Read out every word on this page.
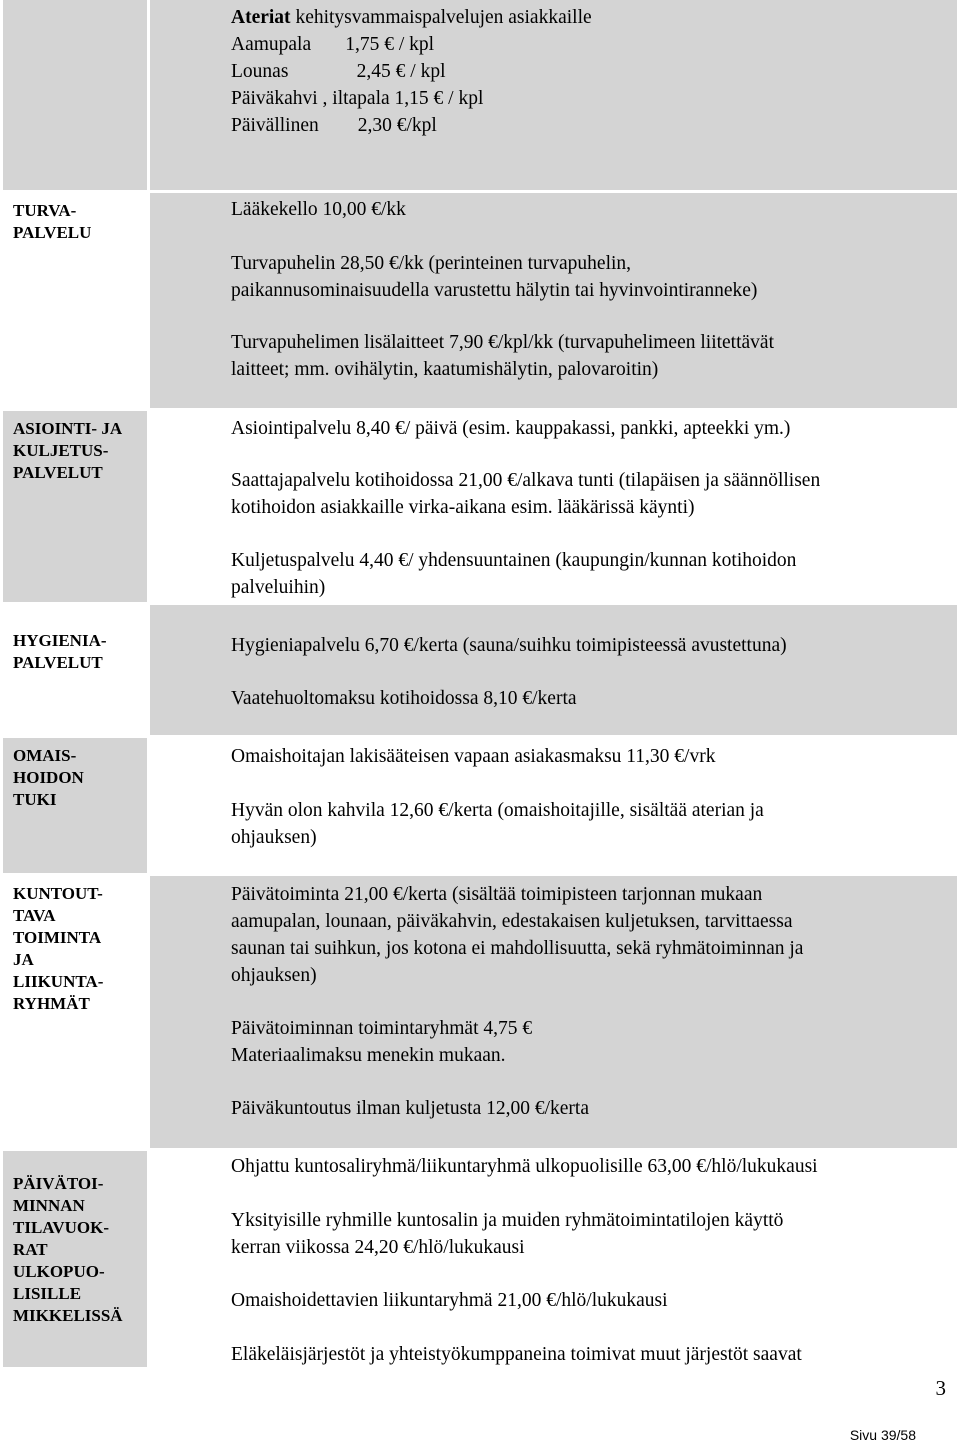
Ateriat kehitysvammaispalvelujen asiakkaille
Aamupala       1,75 € / kpl
Lounas              2,45 € / kpl
Päiväkahvi , iltapala 1,15 € / kpl
Päivällinen        2,30 €/kpl
TURVA-
PALVELU
Lääkekello 10,00 €/kk
Turvapuhelin 28,50 €/kk (perinteinen turvapuhelin,
paikannusominaisuudella varustettu hälytin tai hyvinvointiranneke)
Turvapuhelimen lisälaitteet 7,90 €/kpl/kk (turvapuhelimeen liitettävät
laitteet; mm. ovihälytin, kaatumishälytin, palovaroitin)
ASIOINTI- JA
KULJETUS-
PALVELUT
Asiointipalvelu 8,40 €/ päivä (esim. kauppakassi, pankki, apteekki ym.)
Saattajapalvelu kotihoidossa 21,00 €/alkava tunti (tilapäisen ja säännöllisen
kotihoidon asiakkaille virka-aikana esim. lääkärissä käynti)
Kuljetuspalvelu 4,40 €/ yhdensuuntainen (kaupungin/kunnan kotihoidon
palveluihin)
HYGIENIA-
PALVELUT
Hygieniapalvelu 6,70 €/kerta (sauna/suihku toimipisteessä avustettuna)
Vaatehuoltomaksu kotihoidossa 8,10 €/kerta
OMAIS-
HOIDON
TUKI
Omaishoitajan lakisääteisen vapaan asiakasmaksu 11,30 €/vrk
Hyvän olon kahvila 12,60 €/kerta (omaishoitajille, sisältää aterian ja
ohjauksen)
KUNTOUT-
TAVA
TOIMINTA
JA
LIIKUNTA-
RYHMÄT
Päivätoiminta 21,00 €/kerta (sisältää toimipisteen tarjonnan mukaan
aamupalan, lounaan, päiväkahvin, edestakaisen kuljetuksen, tarvittaessa
saunan tai suihkun, jos kotona ei mahdollisuutta, sekä ryhmätoiminnan ja
ohjauksen)
Päivätoiminnan toimintaryhmät 4,75 €
Materiaalimaksu menekin mukaan.
Päiväkuntoutus ilman kuljetusta 12,00 €/kerta
PÄIVÄTOI-
MINNAN
TILAVUOK-
RAT
ULKOPUO-
LISILLE
MIKKELISSÄ
Ohjattu kuntosaliryhmä/liikuntaryhmä ulkopuolisille 63,00 €/hlö/lukukausi
Yksityisille ryhmille kuntosalin ja muiden ryhmätoimintatilojen käyttö
kerran viikossa 24,20 €/hlö/lukukausi
Omaishoidettavien liikuntaryhmä 21,00 €/hlö/lukukausi
Eläkeläisjärjestöt ja yhteistyökumppaneina toimivat muut järjestöt saavat
3
Sivu 39/58
